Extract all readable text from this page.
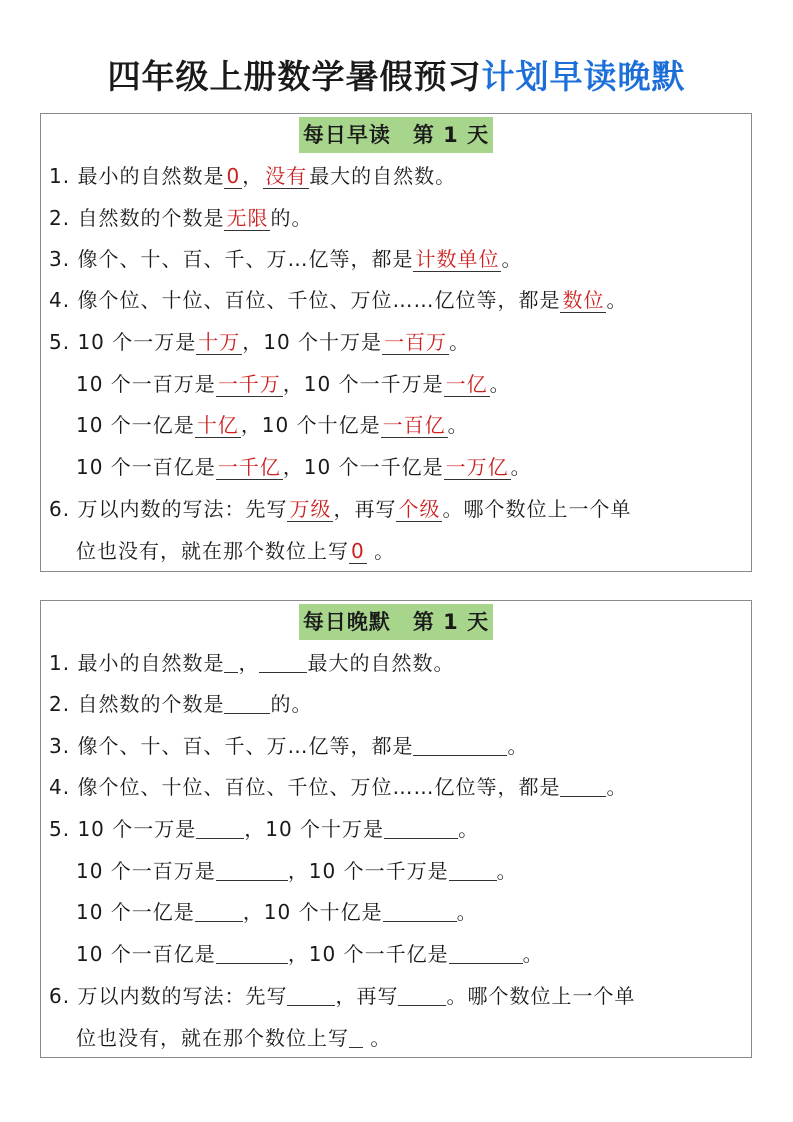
四年级上册数学暑假预习计划早读晚默
每日早读　第 1 天
1. 最小的自然数是 0 ， 没有 最大的自然数。
2. 自然数的个数是 无限 的。
3. 像个、十、百、千、万…亿等，都是 计数单位 。
4. 像个位、十位、百位、千位、万位……亿位等，都是 数位 。
5. 10 个一万是 十万 ，10 个十万是 一百万 。
10 个一百万是 一千万 ，10 个一千万是 一亿 。
10 个一亿是 十亿 ，10 个十亿是 一百亿 。
10 个一百亿是 一千亿 ，10 个一千亿是 一万亿 。
6. 万以内数的写法：先写 万级 ，再写 个级 。哪个数位上一个单
位也没有，就在那个数位上写 0 。
每日晚默　第 1 天
1. 最小的自然数是 ， 最大的自然数。
2. 自然数的个数是 的。
3. 像个、十、百、千、万…亿等，都是	。
4. 像个位、十位、百位、千位、万位……亿位等，都是 。
5. 10 个一万是 ，10 个十万是	。
10 个一百万是	，10 个一千万是 。
10 个一亿是 ，10 个十亿是	。
10 个一百亿是	，10 个一千亿是	。
6. 万以内数的写法：先写 ，再写 。哪个数位上一个单
位也没有，就在那个数位上写 。
